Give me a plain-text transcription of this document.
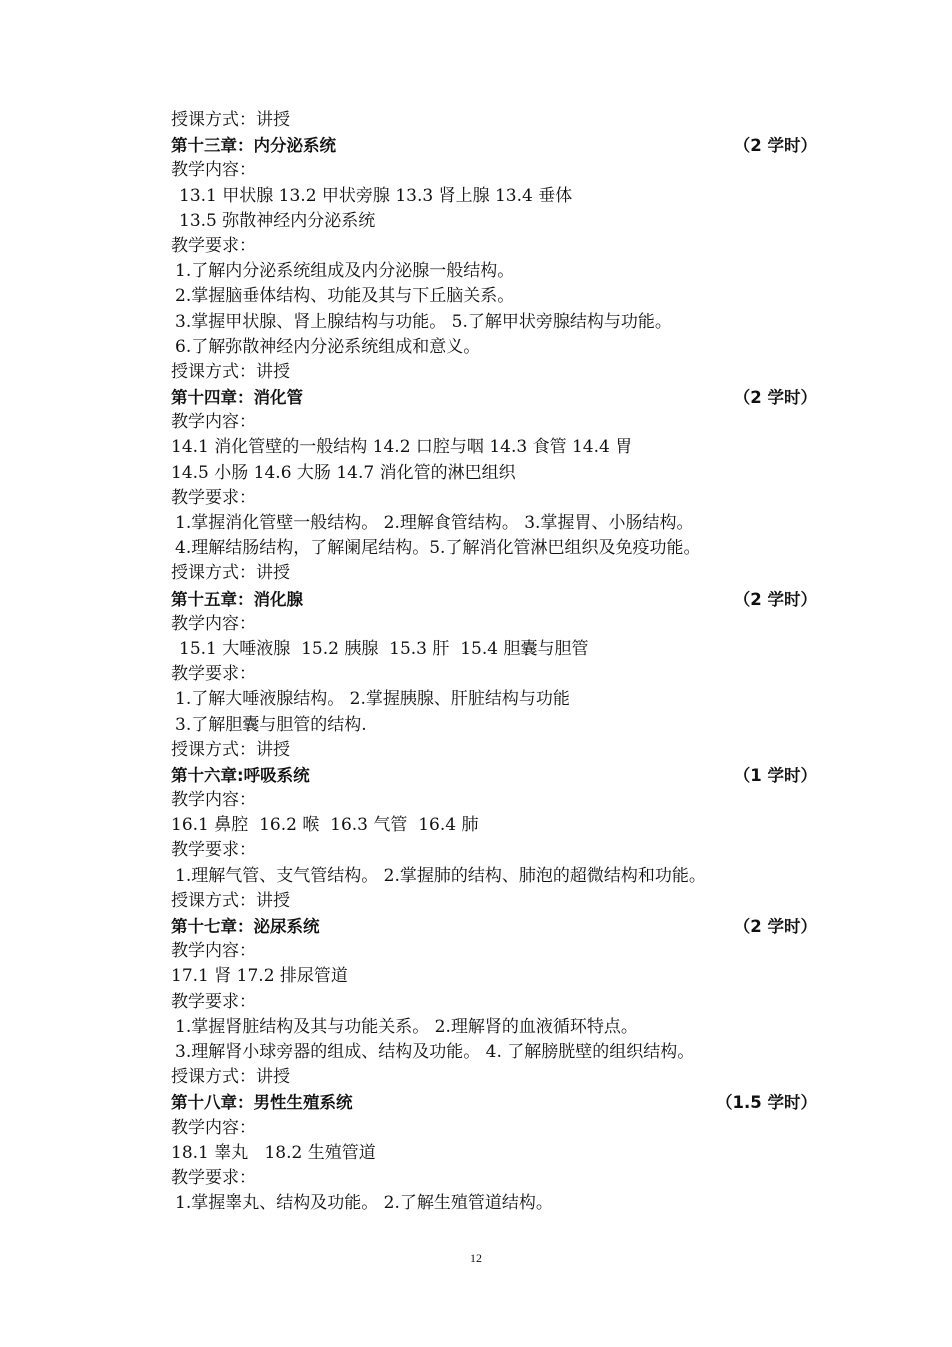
授课方式：讲授
第十三章：内分泌系统	（2 学时）
教学内容：
13.1 甲状腺 13.2 甲状旁腺 13.3 肾上腺 13.4 垂体
13.5 弥散神经内分泌系统
教学要求：
1.了解内分泌系统组成及内分泌腺一般结构。
2.掌握脑垂体结构、功能及其与下丘脑关系。
3.掌握甲状腺、肾上腺结构与功能。 5.了解甲状旁腺结构与功能。
6.了解弥散神经内分泌系统组成和意义。
授课方式：讲授
第十四章：消化管	（2 学时）
教学内容：
14.1 消化管壁的一般结构 14.2 口腔与咽 14.3 食管 14.4 胃
14.5 小肠 14.6 大肠 14.7 消化管的淋巴组织
教学要求：
1.掌握消化管壁一般结构。 2.理解食管结构。 3.掌握胃、小肠结构。
4.理解结肠结构，了解阑尾结构。5.了解消化管淋巴组织及免疫功能。
授课方式：讲授
第十五章：消化腺	（2 学时）
教学内容：
15.1 大唾液腺  15.2 胰腺  15.3 肝  15.4 胆囊与胆管
教学要求：
1.了解大唾液腺结构。 2.掌握胰腺、肝脏结构与功能
3.了解胆囊与胆管的结构.
授课方式：讲授
第十六章:呼吸系统	（1 学时）
教学内容：
16.1 鼻腔  16.2 喉  16.3 气管  16.4 肺
教学要求：
1.理解气管、支气管结构。 2.掌握肺的结构、肺泡的超微结构和功能。
授课方式：讲授
第十七章：泌尿系统	（2 学时）
教学内容：
17.1 肾 17.2 排尿管道
教学要求：
1.掌握肾脏结构及其与功能关系。 2.理解肾的血液循环特点。
3.理解肾小球旁器的组成、结构及功能。 4. 了解膀胱壁的组织结构。
授课方式：讲授
第十八章：男性生殖系统	（1.5 学时）
教学内容：
18.1 睾丸   18.2 生殖管道
教学要求：
1.掌握睾丸、结构及功能。 2.了解生殖管道结构。
12
